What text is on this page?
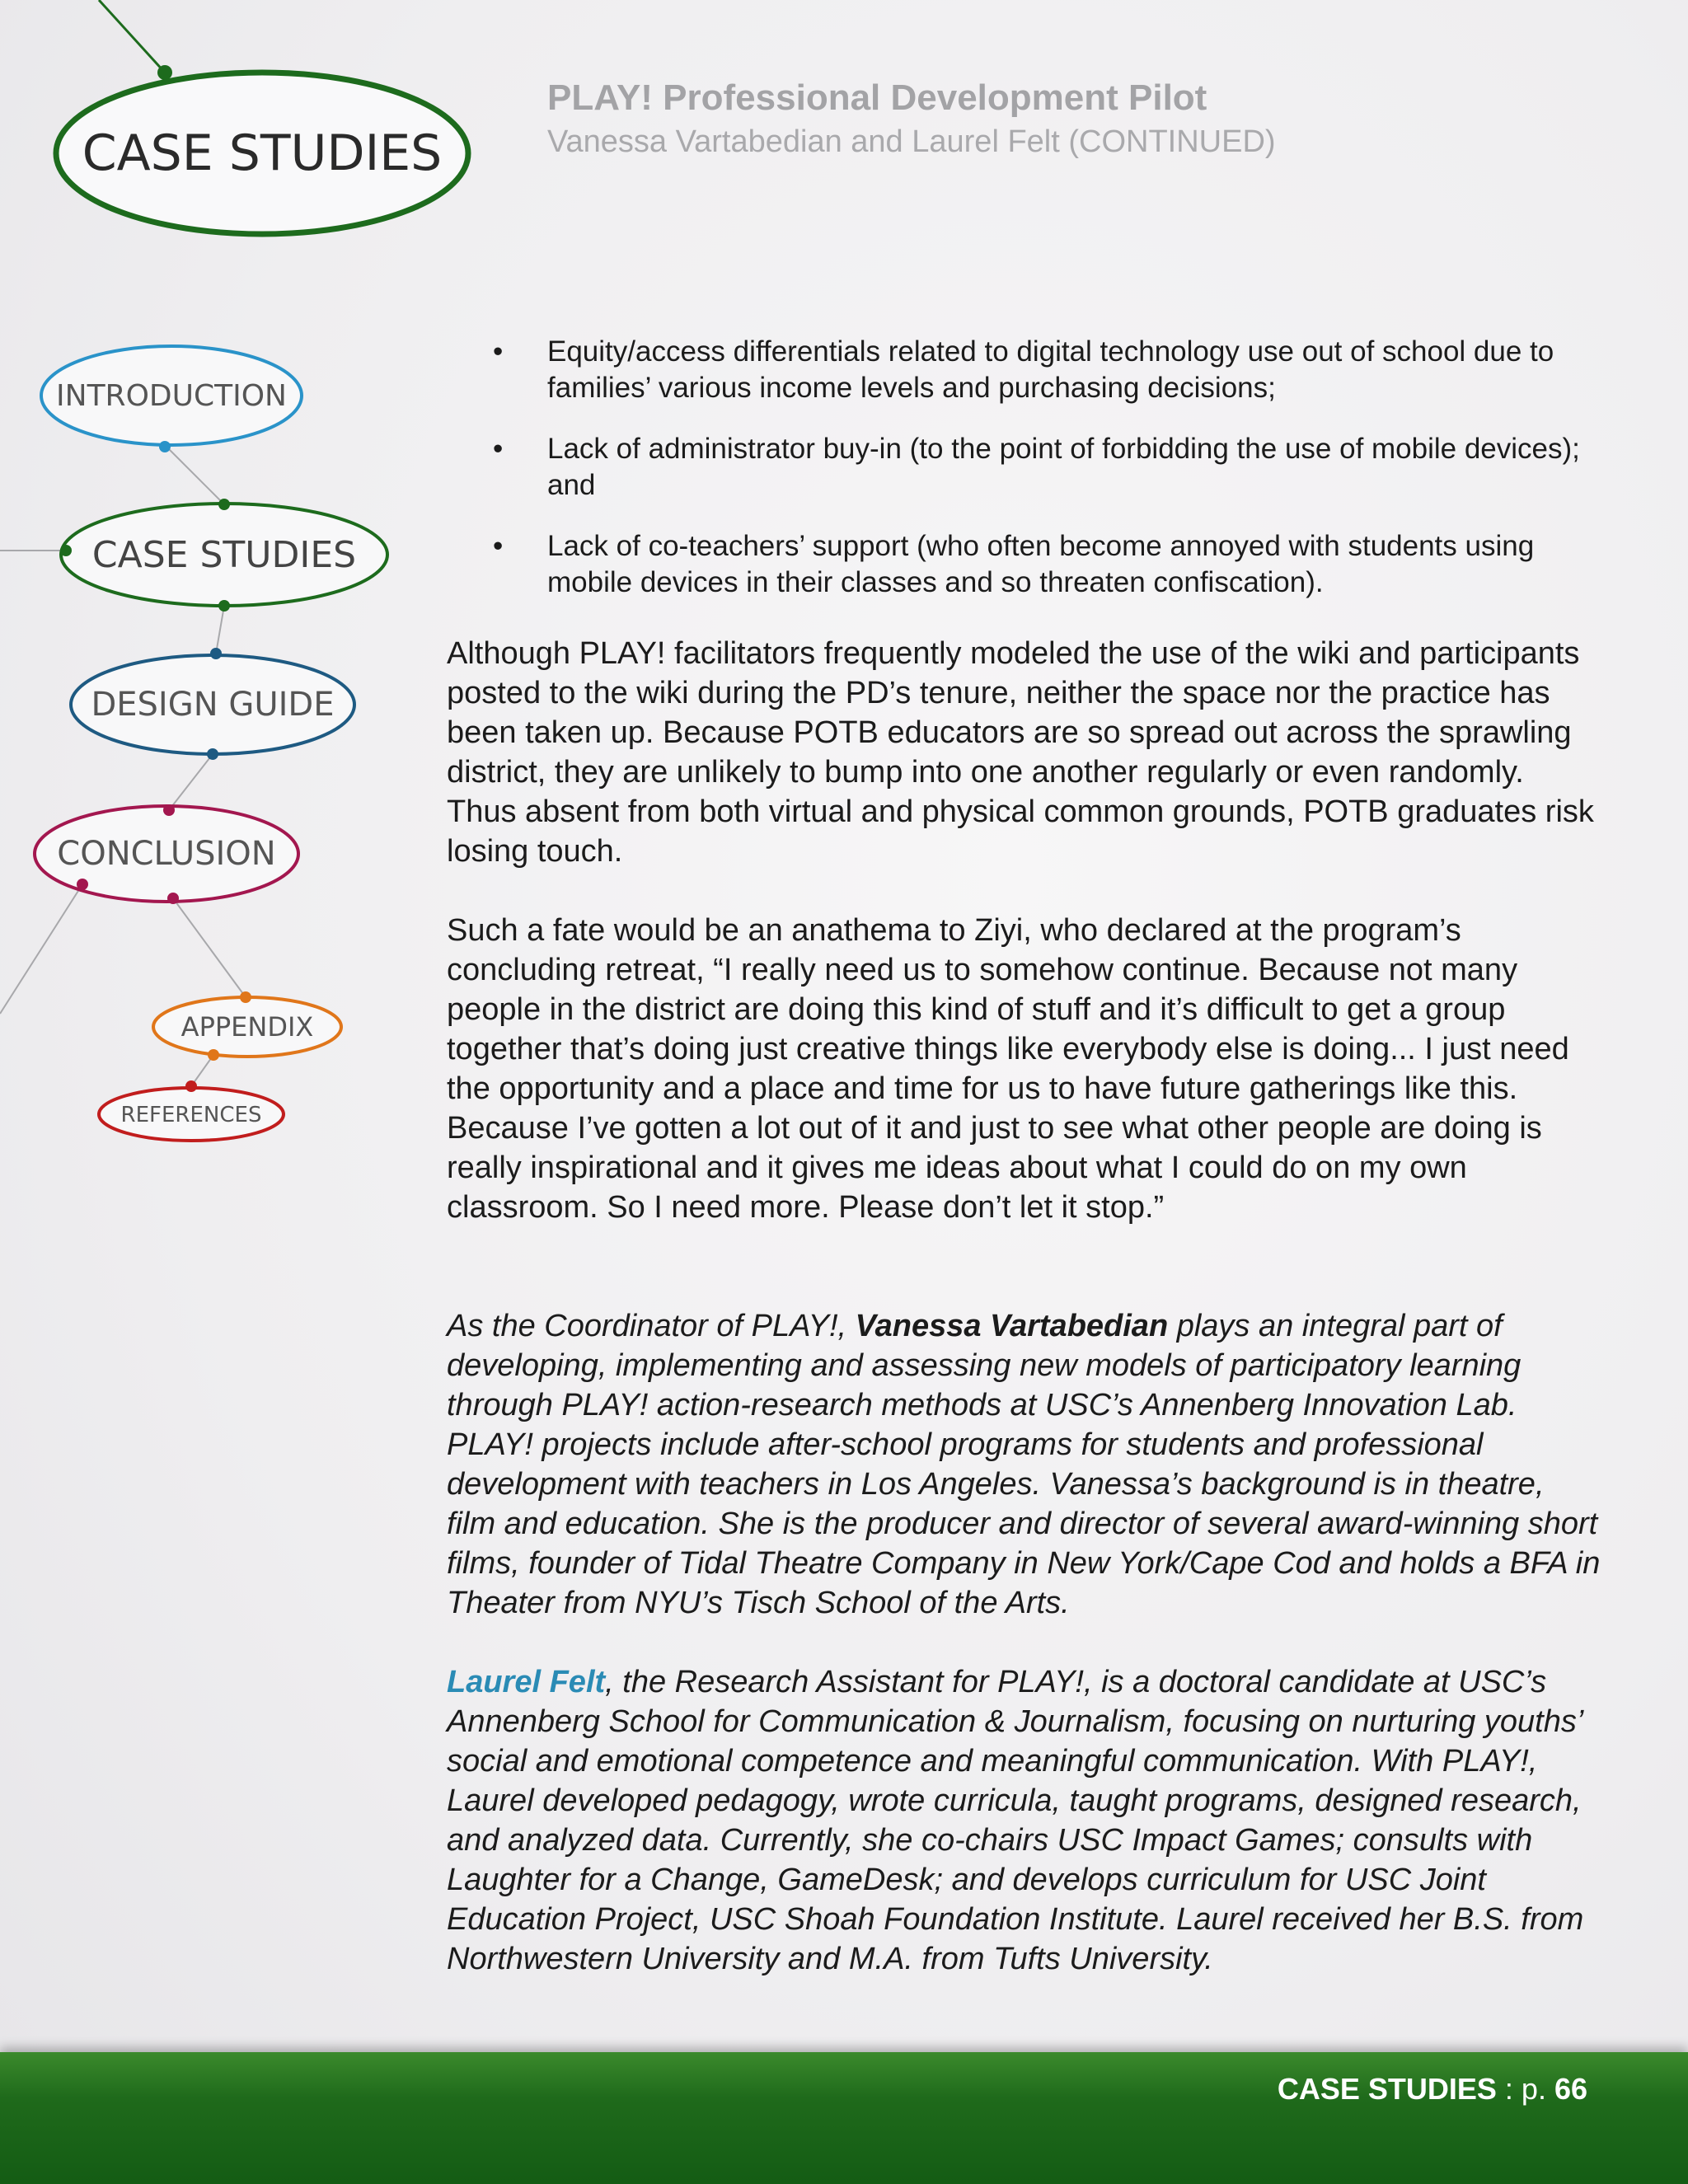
CASE STUDIES
INTRODUCTION
CASE STUDIES
DESIGN GUIDE
CONCLUSION
APPENDIX
REFERENCES
PLAY! Professional Development Pilot
Vanessa Vartabedian and Laurel Felt (CONTINUED)
• Equity/access differentials related to digital technology use out of school due to families’ various income levels and purchasing decisions;
• Lack of administrator buy-in (to the point of forbidding the use of mobile devices); and
• Lack of co-teachers’ support (who often become annoyed with students using mobile devices in their classes and so threaten confiscation).

Although PLAY! facilitators frequently modeled the use of the wiki and participants posted to the wiki during the PD’s tenure, neither the space nor the practice has been taken up. Because POTB educators are so spread out across the sprawling district, they are unlikely to bump into one another regularly or even randomly. Thus absent from both virtual and physical common grounds, POTB graduates risk losing touch.

Such a fate would be an anathema to Ziyi, who declared at the program’s concluding retreat, “I really need us to somehow continue. Because not many people in the district are doing this kind of stuff and it’s difficult to get a group together that’s doing just creative things like everybody else is doing... I just need the opportunity and a place and time for us to have future gatherings like this. Because I’ve gotten a lot out of it and just to see what other people are doing is really inspirational and it gives me ideas about what I could do on my own classroom. So I need more. Please don’t let it stop.”

As the Coordinator of PLAY!, Vanessa Vartabedian plays an integral part of developing, implementing and assessing new models of participatory learning through PLAY! action-research methods at USC’s Annenberg Innovation Lab. PLAY! projects include after-school programs for students and professional development with teachers in Los Angeles. Vanessa’s background is in theatre, film and education. She is the producer and director of several award-winning short films, founder of Tidal Theatre Company in New York/Cape Cod and holds a BFA in Theater from NYU’s Tisch School of the Arts.

Laurel Felt, the Research Assistant for PLAY!, is a doctoral candidate at USC’s Annenberg School for Communication & Journalism, focusing on nurturing youths’ social and emotional competence and meaningful communication. With PLAY!, Laurel developed pedagogy, wrote curricula, taught programs, designed research, and analyzed data. Currently, she co-chairs USC Impact Games; consults with Laughter for a Change, GameDesk; and develops curriculum for USC Joint Education Project, USC Shoah Foundation Institute. Laurel received her B.S. from Northwestern University and M.A. from Tufts University.

CASE STUDIES : p. 66
